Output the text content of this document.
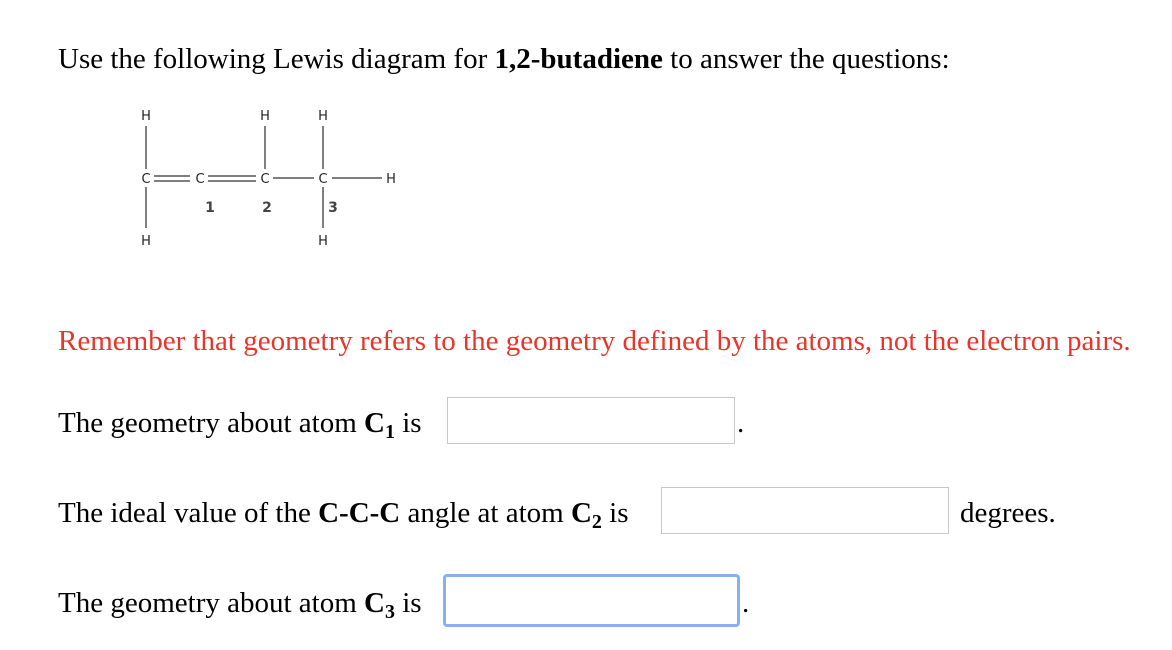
Use the following Lewis diagram for 1,2-butadiene to answer the questions:
H	H	H
C	C	C	C	H
H	H
1	2	3
Remember that geometry refers to the geometry defined by the atoms, not the electron pairs.
The geometry about atom $C_1$ is	.
The ideal value of the C-C-C angle at atom $C_2$ is	degrees.
The geometry about atom $C_3$ is	.
